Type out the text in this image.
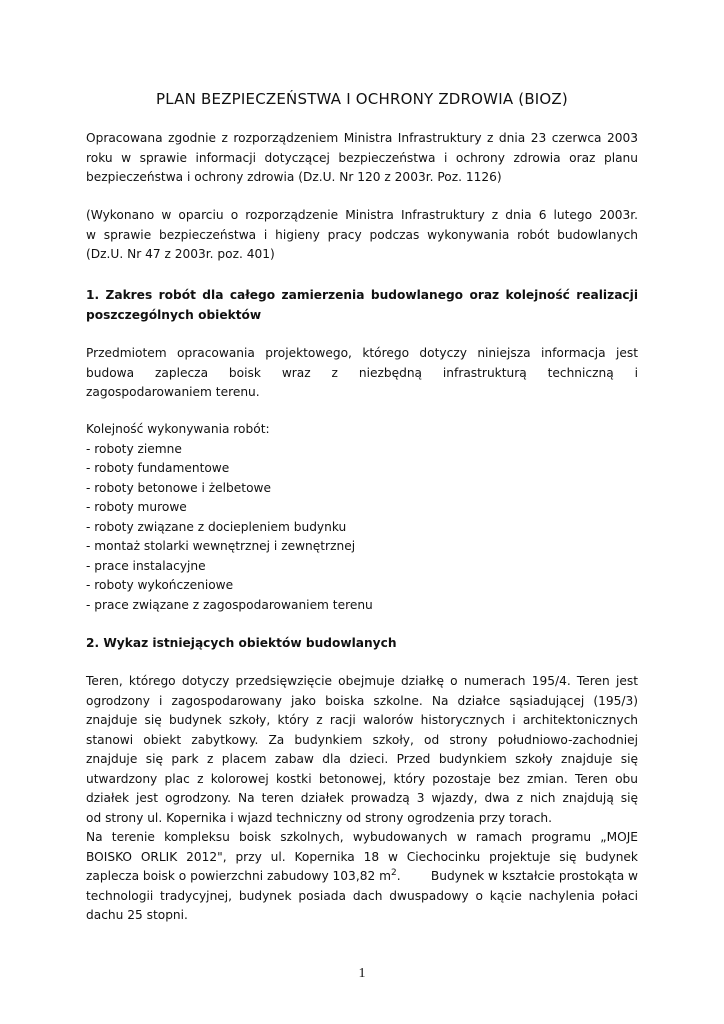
PLAN BEZPIECZEŃSTWA I OCHRONY ZDROWIA (BIOZ)
Opracowana zgodnie z rozporządzeniem Ministra Infrastruktury z dnia 23 czerwca 2003
roku w sprawie informacji dotyczącej bezpieczeństwa i ochrony zdrowia oraz planu
bezpieczeństwa i ochrony zdrowia (Dz.U. Nr 120 z 2003r. Poz. 1126)
(Wykonano w oparciu o rozporządzenie Ministra Infrastruktury z dnia 6 lutego 2003r.
w sprawie bezpieczeństwa i higieny pracy podczas wykonywania robót budowlanych
(Dz.U. Nr 47 z 2003r. poz. 401)
1. Zakres robót dla całego zamierzenia budowlanego oraz kolejność realizacji
poszczególnych obiektów
Przedmiotem opracowania projektowego, którego dotyczy niniejsza informacja jest
budowa zaplecza boisk wraz z niezbędną infrastrukturą techniczną i
zagospodarowaniem terenu.
Kolejność wykonywania robót:
- roboty ziemne
- roboty fundamentowe
- roboty betonowe i żelbetowe
- roboty murowe
- roboty związane z dociepleniem budynku
- montaż stolarki wewnętrznej i zewnętrznej
- prace instalacyjne
- roboty wykończeniowe
- prace związane z zagospodarowaniem terenu
2. Wykaz istniejących obiektów budowlanych
Teren, którego dotyczy przedsięwzięcie obejmuje działkę o numerach 195/4. Teren jest
ogrodzony i zagospodarowany jako boiska szkolne. Na działce sąsiadującej (195/3)
znajduje się budynek szkoły, który z racji walorów historycznych i architektonicznych
stanowi obiekt zabytkowy. Za budynkiem szkoły, od strony południowo-zachodniej
znajduje się park z placem zabaw dla dzieci. Przed budynkiem szkoły znajduje się
utwardzony plac z kolorowej kostki betonowej, który pozostaje bez zmian. Teren obu
działek jest ogrodzony. Na teren działek prowadzą 3 wjazdy, dwa z nich znajdują się
od strony ul. Kopernika i wjazd techniczny od strony ogrodzenia przy torach.
Na terenie kompleksu boisk szkolnych, wybudowanych w ramach programu „MOJE
BOISKO ORLIK 2012", przy ul. Kopernika 18 w Ciechocinku projektuje się budynek
zaplecza boisk o powierzchni zabudowy 103,82 $m^2$. Budynek w kształcie prostokąta w
technologii tradycyjnej, budynek posiada dach dwuspadowy o kącie nachylenia połaci
dachu 25 stopni.
1
